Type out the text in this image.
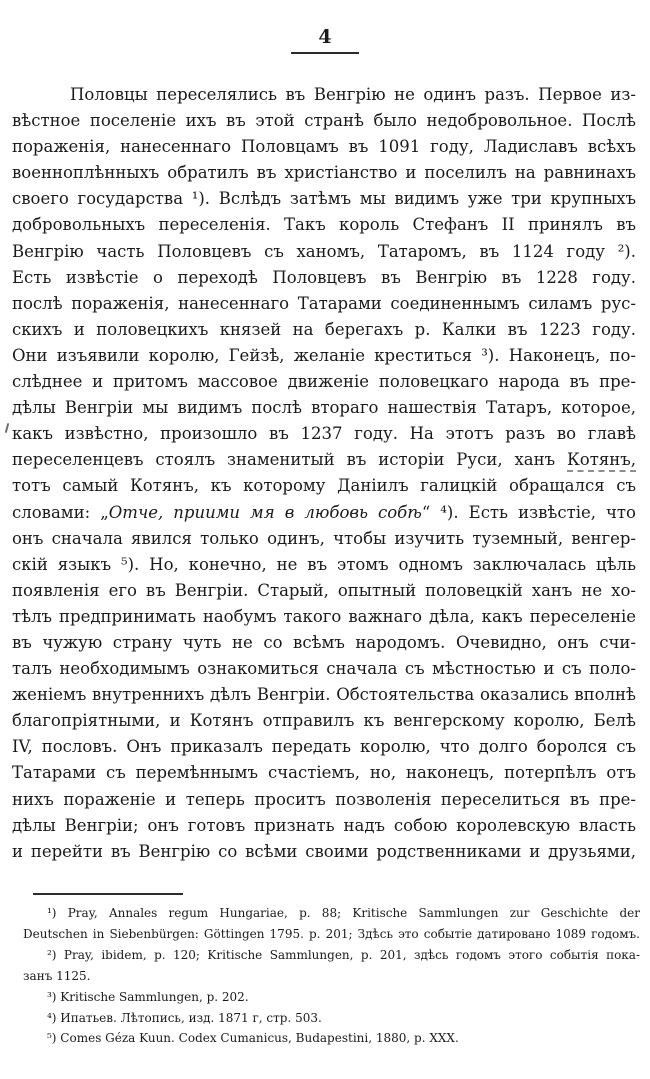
4
Половцы переселялись въ Венгрію не одинъ разъ. Первое из-
вѣстное поселеніе ихъ въ этой странѣ было недобровольное. Послѣ
пораженія, нанесеннаго Половцамъ въ 1091 году, Ладиславъ всѣхъ
военноплѣнныхъ обратилъ въ христіанство и поселилъ на равнинахъ
своего государства ¹). Вслѣдъ затѣмъ мы видимъ уже три крупныхъ
добровольныхъ переселенія. Такъ король Стефанъ II принялъ въ
Венгрію часть Половцевъ съ ханомъ, Татаромъ, въ 1124 году ²).
Есть извѣстіе о переходѣ Половцевъ въ Венгрію въ 1228 году.
послѣ пораженія, нанесеннаго Татарами соединеннымъ силамъ рус-
скихъ и половецкихъ князей на берегахъ р. Калки въ 1223 году.
Они изъявили королю, Гейзѣ, желаніе креститься ³). Наконецъ, по-
слѣднее и притомъ массовое движеніе половецкаго народа въ пре-
дѣлы Венгріи мы видимъ послѣ втораго нашествія Татаръ, которое,
какъ извѣстно, произошло въ 1237 году. На этотъ разъ во главѣ
переселенцевъ стоялъ знаменитый въ исторіи Руси, ханъ Котянъ,
тотъ самый Котянъ, къ которому Даніилъ галицкій обращался съ
словами: „Отче, приими мя в любовь собѣ“ ⁴). Есть извѣстіе, что
онъ сначала явился только одинъ, чтобы изучить туземный, венгер-
скій языкъ ⁵). Но, конечно, не въ этомъ одномъ заключалась цѣль
появленія его въ Венгріи. Старый, опытный половецкій ханъ не хо-
тѣлъ предпринимать наобумъ такого важнаго дѣла, какъ переселеніе
въ чужую страну чуть не со всѣмъ народомъ. Очевидно, онъ счи-
талъ необходимымъ ознакомиться сначала съ мѣстностью и съ поло-
женіемъ внутреннихъ дѣлъ Венгріи. Обстоятельства оказались вполнѣ
благопріятными, и Котянъ отправилъ къ венгерскому королю, Белѣ
IV, пословъ. Онъ приказалъ передать королю, что долго боролся съ
Татарами съ перемѣннымъ счастіемъ, но, наконецъ, потерпѣлъ отъ
нихъ пораженіе и теперь проситъ позволенія переселиться въ пре-
дѣлы Венгріи; онъ готовъ признать надъ собою королевскую власть
и перейти въ Венгрію со всѣми своими родственниками и друзьями,
¹) Pray, Annales regum Hungariae, p. 88; Kritische Sammlungen zur Geschichte der
Deutschen in Siebenbürgen: Göttingen 1795. p. 201; Здѣсь это событіе датировано 1089 годомъ.
²) Pray, ibidem, p. 120; Kritische Sammlungen, p. 201, здѣсь годомъ этого событія пока-
занъ 1125.
³) Kritische Sammlungen, p. 202.
⁴) Ипатьев. Лѣтопись, изд. 1871 г, стр. 503.
⁵) Comes Géza Kuun. Codex Cumanicus, Budapestini, 1880, p. XXX.
